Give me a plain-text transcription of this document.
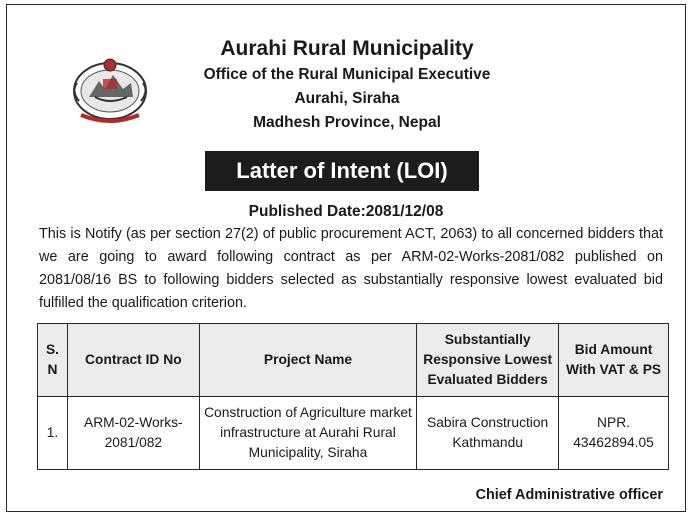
Aurahi Rural Municipality
Office of the Rural Municipal Executive
Aurahi, Siraha
Madhesh Province, Nepal
Latter of Intent (LOI)
Published Date:2081/12/08
This is Notify (as per section 27(2) of public procurement ACT, 2063) to all concerned bidders that we are going to award following contract as per ARM-02-Works-2081/082 published on 2081/08/16 BS to following bidders selected as substantially responsive lowest evaluated bid fulfilled the qualification criterion.
S. N	Contract ID No	Project Name	Substantially Responsive Lowest Evaluated Bidders	Bid Amount With VAT & PS
1.	ARM-02-Works-2081/082	Construction of Agriculture market infrastructure at Aurahi Rural Municipality, Siraha	Sabira Construction Kathmandu	NPR. 43462894.05
Chief Administrative officer
